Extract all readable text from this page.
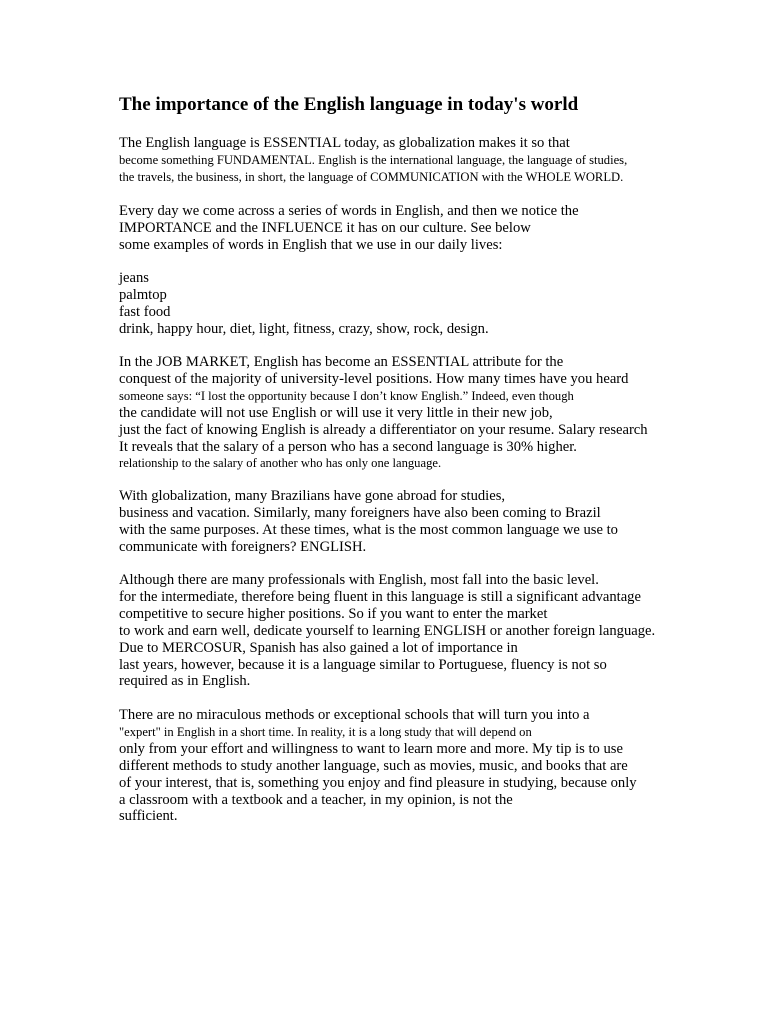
The importance of the English language in today's world

The English language is ESSENTIAL today, as globalization makes it so that
become something FUNDAMENTAL. English is the international language, the language of studies,
the travels, the business, in short, the language of COMMUNICATION with the WHOLE WORLD.

Every day we come across a series of words in English, and then we notice the
IMPORTANCE and the INFLUENCE it has on our culture. See below
some examples of words in English that we use in our daily lives:

jeans
palmtop
fast food
drink, happy hour, diet, light, fitness, crazy, show, rock, design.

In the JOB MARKET, English has become an ESSENTIAL attribute for the
conquest of the majority of university-level positions. How many times have you heard
someone says: “I lost the opportunity because I don’t know English.” Indeed, even though
the candidate will not use English or will use it very little in their new job,
just the fact of knowing English is already a differentiator on your resume. Salary research
It reveals that the salary of a person who has a second language is 30% higher.
relationship to the salary of another who has only one language.

With globalization, many Brazilians have gone abroad for studies,
business and vacation. Similarly, many foreigners have also been coming to Brazil
with the same purposes. At these times, what is the most common language we use to
communicate with foreigners? ENGLISH.

Although there are many professionals with English, most fall into the basic level.
for the intermediate, therefore being fluent in this language is still a significant advantage
competitive to secure higher positions. So if you want to enter the market
to work and earn well, dedicate yourself to learning ENGLISH or another foreign language.
Due to MERCOSUR, Spanish has also gained a lot of importance in
last years, however, because it is a language similar to Portuguese, fluency is not so
required as in English.

There are no miraculous methods or exceptional schools that will turn you into a
"expert" in English in a short time. In reality, it is a long study that will depend on
only from your effort and willingness to want to learn more and more. My tip is to use
different methods to study another language, such as movies, music, and books that are
of your interest, that is, something you enjoy and find pleasure in studying, because only
a classroom with a textbook and a teacher, in my opinion, is not the
sufficient.
